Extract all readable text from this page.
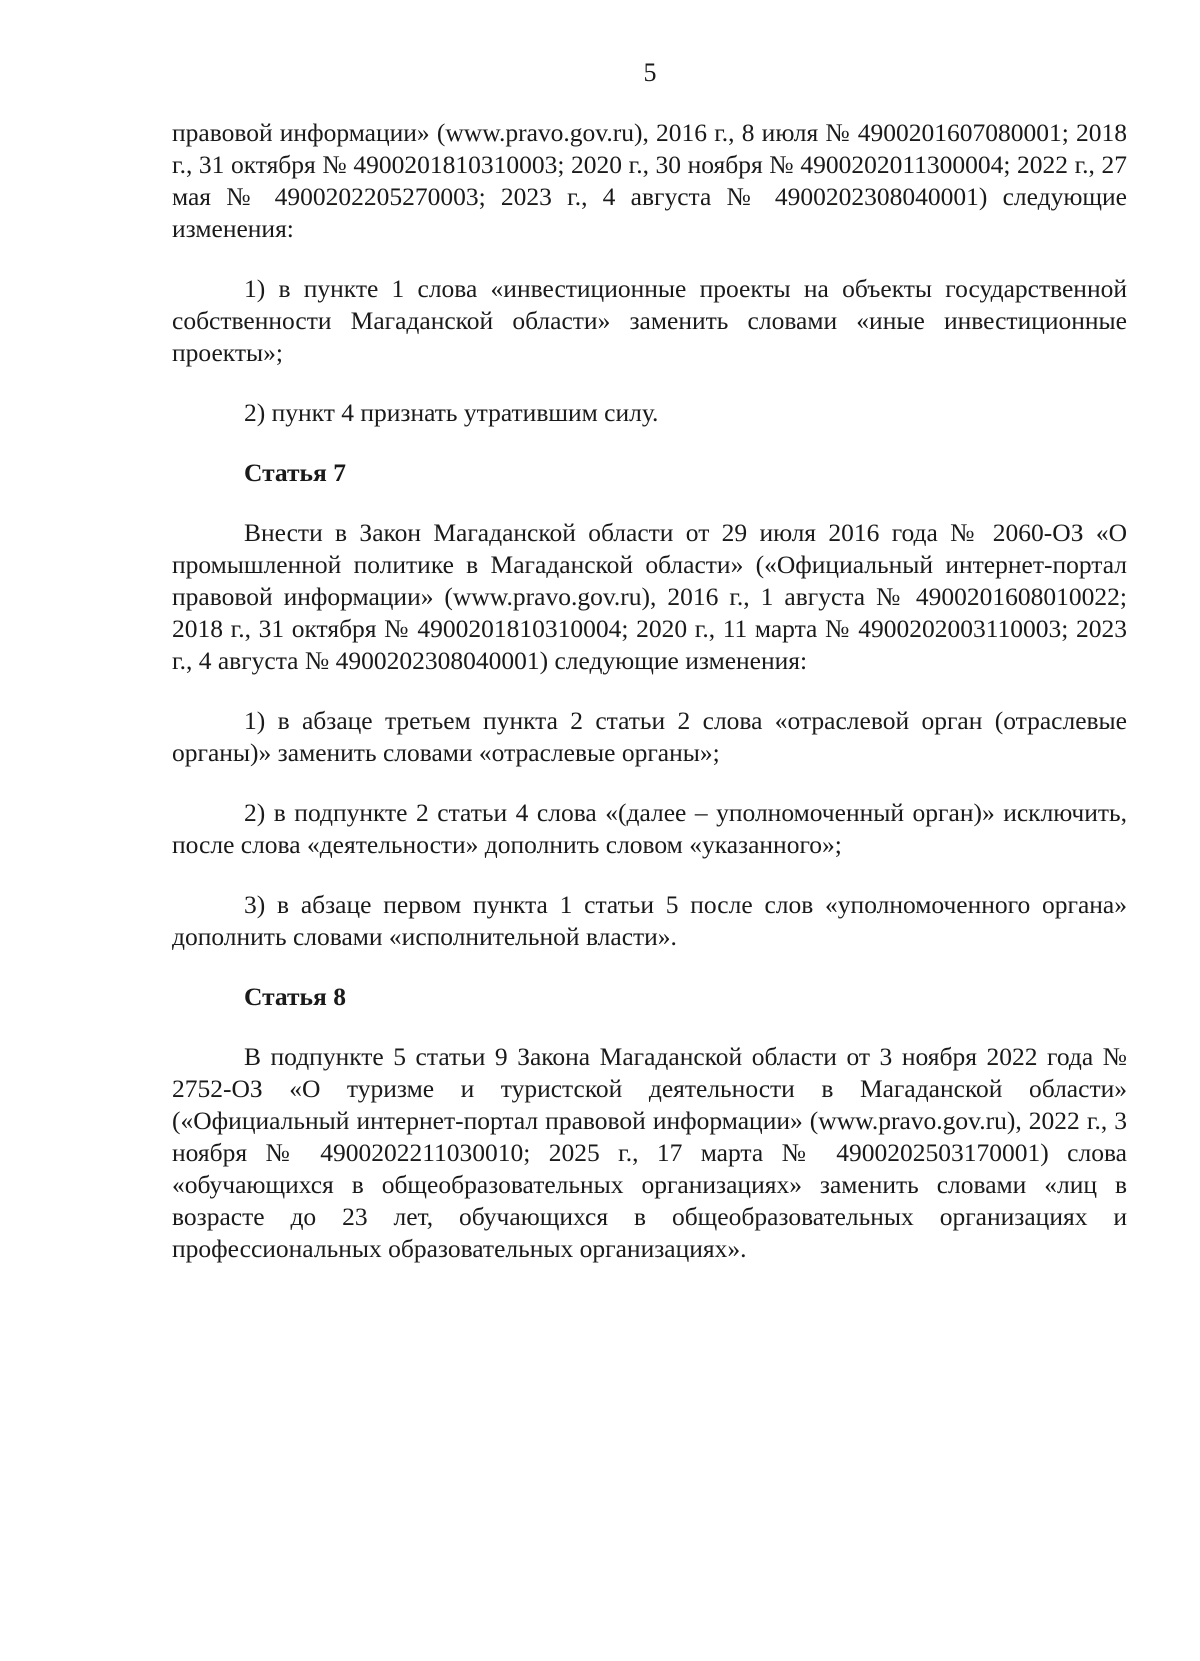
5

правовой информации» (www.pravo.gov.ru), 2016 г., 8 июля № 4900201607080001; 2018 г., 31 октября № 4900201810310003; 2020 г., 30 ноября № 4900202011300004; 2022 г., 27 мая № 4900202205270003; 2023 г., 4 августа № 4900202308040001) следующие изменения:

1) в пункте 1 слова «инвестиционные проекты на объекты государственной собственности Магаданской области» заменить словами «иные инвестиционные проекты»;

2) пункт 4 признать утратившим силу.

Статья 7

Внести в Закон Магаданской области от 29 июля 2016 года № 2060-ОЗ «О промышленной политике в Магаданской области» («Официальный интернет-портал правовой информации» (www.pravo.gov.ru), 2016 г., 1 августа № 4900201608010022; 2018 г., 31 октября № 4900201810310004; 2020 г., 11 марта № 4900202003110003; 2023 г., 4 августа № 4900202308040001) следующие изменения:

1) в абзаце третьем пункта 2 статьи 2 слова «отраслевой орган (отраслевые органы)» заменить словами «отраслевые органы»;

2) в подпункте 2 статьи 4 слова «(далее – уполномоченный орган)» исключить, после слова «деятельности» дополнить словом «указанного»;

3) в абзаце первом пункта 1 статьи 5 после слов «уполномоченного органа» дополнить словами «исполнительной власти».

Статья 8

В подпункте 5 статьи 9 Закона Магаданской области от 3 ноября 2022 года № 2752-ОЗ «О туризме и туристской деятельности в Магаданской области» («Официальный интернет-портал правовой информации» (www.pravo.gov.ru), 2022 г., 3 ноября № 4900202211030010; 2025 г., 17 марта № 4900202503170001) слова «обучающихся в общеобразовательных организациях» заменить словами «лиц в возрасте до 23 лет, обучающихся в общеобразовательных организациях и профессиональных образовательных организациях».
